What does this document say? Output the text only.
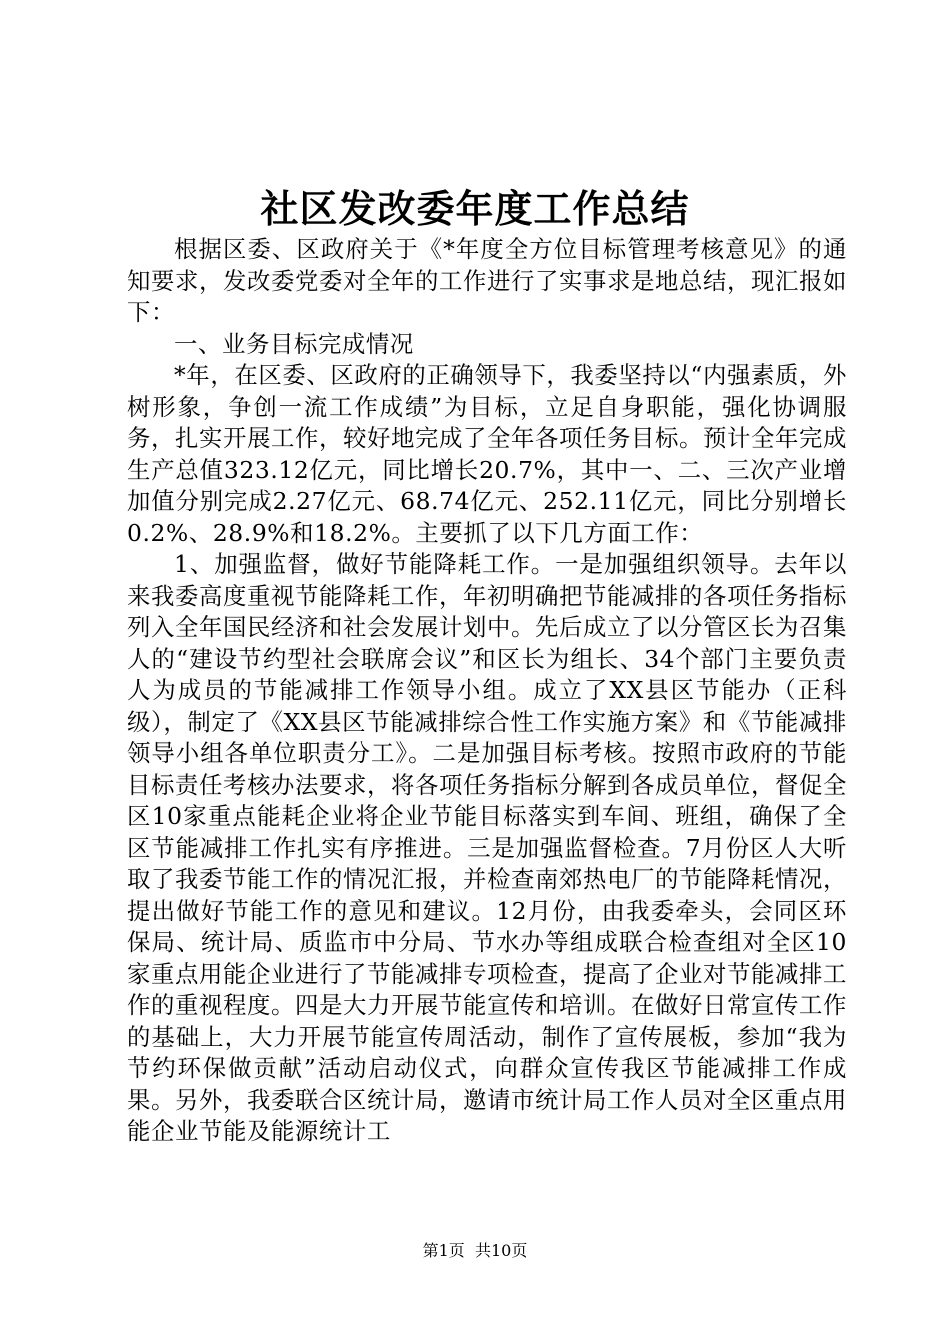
社区发改委年度工作总结

根据区委、区政府关于《*年度全方位目标管理考核意见》的通知要求，发改委党委对全年的工作进行了实事求是地总结，现汇报如下：

一、业务目标完成情况

*年，在区委、区政府的正确领导下，我委坚持以“内强素质，外树形象，争创一流工作成绩”为目标，立足自身职能，强化协调服务，扎实开展工作，较好地完成了全年各项任务目标。预计全年完成生产总值323.12亿元，同比增长20.7%，其中一、二、三次产业增加值分别完成2.27亿元、68.74亿元、252.11亿元，同比分别增长0.2%、28.9%和18.2%。主要抓了以下几方面工作：

1、加强监督，做好节能降耗工作。一是加强组织领导。去年以来我委高度重视节能降耗工作，年初明确把节能减排的各项任务指标列入全年国民经济和社会发展计划中。先后成立了以分管区长为召集人的“建设节约型社会联席会议”和区长为组长、34个部门主要负责人为成员的节能减排工作领导小组。成立了XX县区节能办（正科级），制定了《XX县区节能减排综合性工作实施方案》和《节能减排领导小组各单位职责分工》。二是加强目标考核。按照市政府的节能目标责任考核办法要求，将各项任务指标分解到各成员单位，督促全区10家重点能耗企业将企业节能目标落实到车间、班组，确保了全区节能减排工作扎实有序推进。三是加强监督检查。7月份区人大听取了我委节能工作的情况汇报，并检查南郊热电厂的节能降耗情况，提出做好节能工作的意见和建议。12月份，由我委牵头，会同区环保局、统计局、质监市中分局、节水办等组成联合检查组对全区10家重点用能企业进行了节能减排专项检查，提高了企业对节能减排工作的重视程度。四是大力开展节能宣传和培训。在做好日常宣传工作的基础上，大力开展节能宣传周活动，制作了宣传展板，参加“我为节约环保做贡献”活动启动仪式，向群众宣传我区节能减排工作成果。另外，我委联合区统计局，邀请市统计局工作人员对全区重点用能企业节能及能源统计工

第1页 共10页
